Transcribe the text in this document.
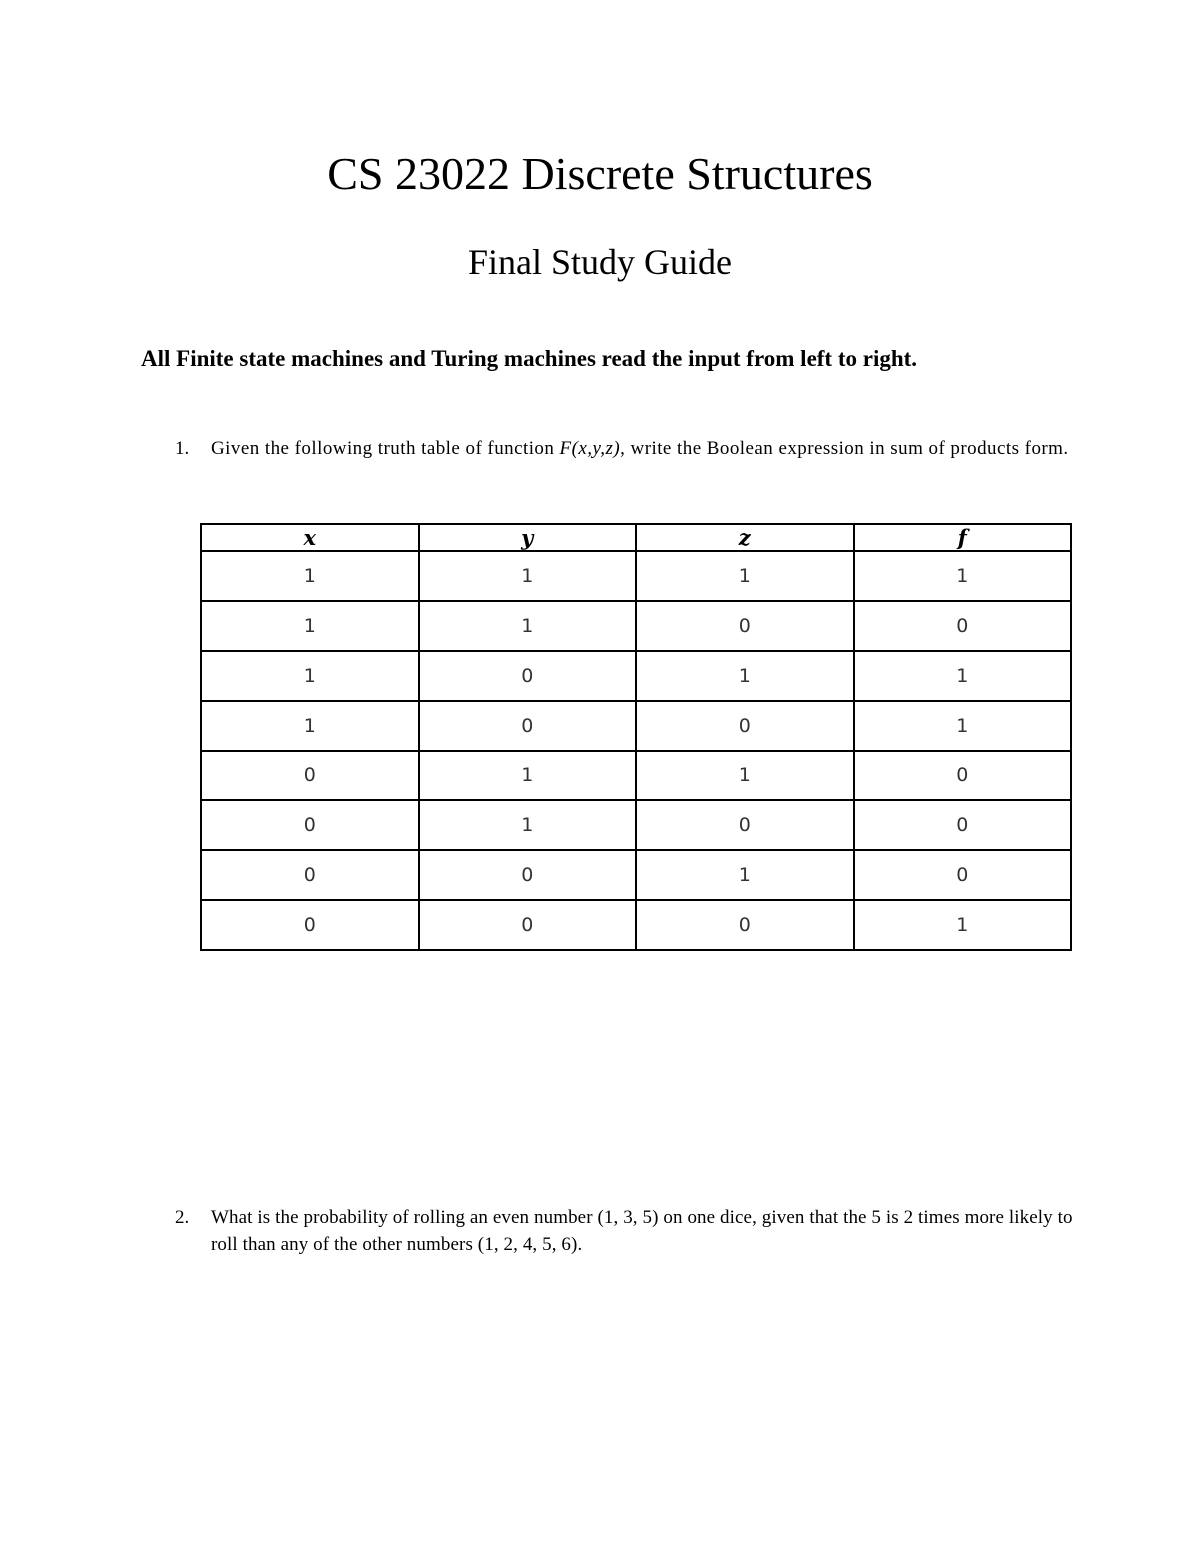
CS 23022 Discrete Structures
Final Study Guide

All Finite state machines and Turing machines read the input from left to right.

1. Given the following truth table of function F(x,y,z), write the Boolean expression in sum of products form.
x	y	z	f
1	1	1	1
1	1	0	0
1	0	1	1
1	0	0	1
0	1	1	0
0	1	0	0
0	0	1	0
0	0	0	1
2. What is the probability of rolling an even number (1, 3, 5) on one dice, given that the 5 is 2 times more likely to roll than any of the other numbers (1, 2, 4, 5, 6).
